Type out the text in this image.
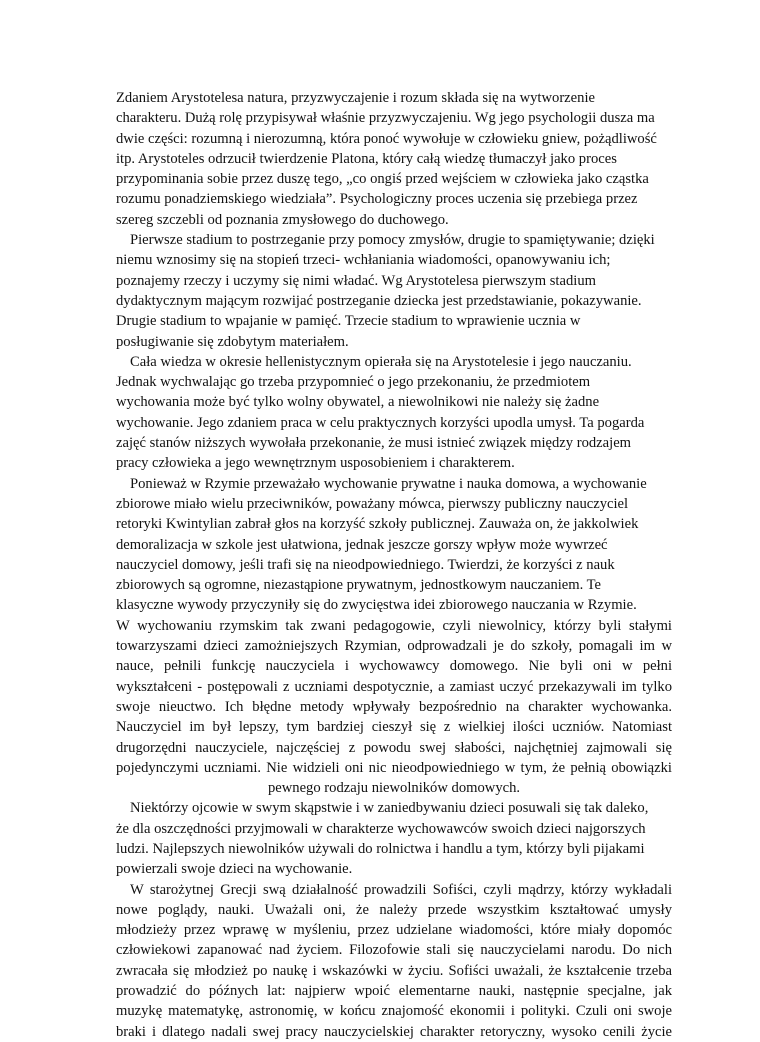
Zdaniem Arystotelesa natura, przyzwyczajenie i rozum składa się na wytworzenie
charakteru. Dużą rolę przypisywał właśnie przyzwyczajeniu. Wg jego psychologii dusza ma
dwie części: rozumną i nierozumną, która ponoć wywołuje w człowieku gniew, pożądliwość
itp. Arystoteles odrzucił twierdzenie Platona, który całą wiedzę tłumaczył jako proces
przypominania sobie przez duszę tego, „co ongiś przed wejściem w człowieka jako cząstka
rozumu ponadziemskiego wiedziała”. Psychologiczny proces uczenia się przebiega przez
szereg szczebli od poznania zmysłowego do duchowego.

Pierwsze stadium to postrzeganie przy pomocy zmysłów, drugie to spamiętywanie; dzięki
niemu wznosimy się na stopień trzeci- wchłaniania wiadomości, opanowywaniu ich;
poznajemy rzeczy i uczymy się nimi władać. Wg Arystotelesa pierwszym stadium
dydaktycznym mającym rozwijać postrzeganie dziecka jest przedstawianie, pokazywanie.
Drugie stadium to wpajanie w pamięć. Trzecie stadium to wprawienie ucznia w
posługiwanie się zdobytym materiałem.

Cała wiedza w okresie hellenistycznym opierała się na Arystotelesie i jego nauczaniu.
Jednak wychwalając go trzeba przypomnieć o jego przekonaniu, że przedmiotem
wychowania może być tylko wolny obywatel, a niewolnikowi nie należy się żadne
wychowanie. Jego zdaniem praca w celu praktycznych korzyści upodla umysł. Ta pogarda
zajęć stanów niższych wywołała przekonanie, że musi istnieć związek między rodzajem
pracy człowieka a jego wewnętrznym usposobieniem i charakterem.

Ponieważ w Rzymie przeważało wychowanie prywatne i nauka domowa, a wychowanie
zbiorowe miało wielu przeciwników, poważany mówca, pierwszy publiczny nauczyciel
retoryki Kwintylian zabrał głos na korzyść szkoły publicznej. Zauważa on, że jakkolwiek
demoralizacja w szkole jest ułatwiona, jednak jeszcze gorszy wpływ może wywrzeć
nauczyciel domowy, jeśli trafi się na nieodpowiedniego. Twierdzi, że korzyści z nauk
zbiorowych są ogromne, niezastąpione prywatnym, jednostkowym nauczaniem. Te
klasyczne wywody przyczyniły się do zwycięstwa idei zbiorowego nauczania w Rzymie.

W wychowaniu rzymskim tak zwani pedagogowie, czyli niewolnicy, którzy byli stałymi
towarzyszami dzieci zamożniejszych Rzymian, odprowadzali je do szkoły, pomagali im w
nauce, pełnili funkcję nauczyciela i wychowawcy domowego. Nie byli oni w pełni
wykształceni - postępowali z uczniami despotycznie, a zamiast uczyć przekazywali im tylko
swoje nieuctwo. Ich błędne metody wpływały bezpośrednio na charakter wychowanka.
Nauczyciel im był lepszy, tym bardziej cieszył się z wielkiej ilości uczniów. Natomiast
drugorzędni nauczyciele, najczęściej z powodu swej słabości, najchętniej zajmowali się
pojedynczymi uczniami. Nie widzieli oni nic nieodpowiedniego w tym, że pełnią obowiązki
pewnego rodzaju niewolników domowych.

Niektórzy ojcowie w swym skąpstwie i w zaniedbywaniu dzieci posuwali się tak daleko,
że dla oszczędności przyjmowali w charakterze wychowawców swoich dzieci najgorszych
ludzi. Najlepszych niewolników używali do rolnictwa i handlu a tym, którzy byli pijakami
powierzali swoje dzieci na wychowanie.

W starożytnej Grecji swą działalność prowadzili Sofiści, czyli mądrzy, którzy wykładali
nowe poglądy, nauki. Uważali oni, że należy przede wszystkim kształtować umysły
młodzieży przez wprawę w myśleniu, przez udzielane wiadomości, które miały dopomóc
człowiekowi zapanować nad życiem. Filozofowie stali się nauczycielami narodu. Do nich
zwracała się młodzież po naukę i wskazówki w życiu. Sofiści uważali, że kształcenie trzeba
prowadzić do późnych lat: najpierw wpoić elementarne nauki, następnie specjalne, jak
muzykę matematykę, astronomię, w końcu znajomość ekonomii i polityki. Czuli oni swoje
braki i dlatego nadali swej pracy nauczycielskiej charakter retoryczny, wysoko cenili życie
